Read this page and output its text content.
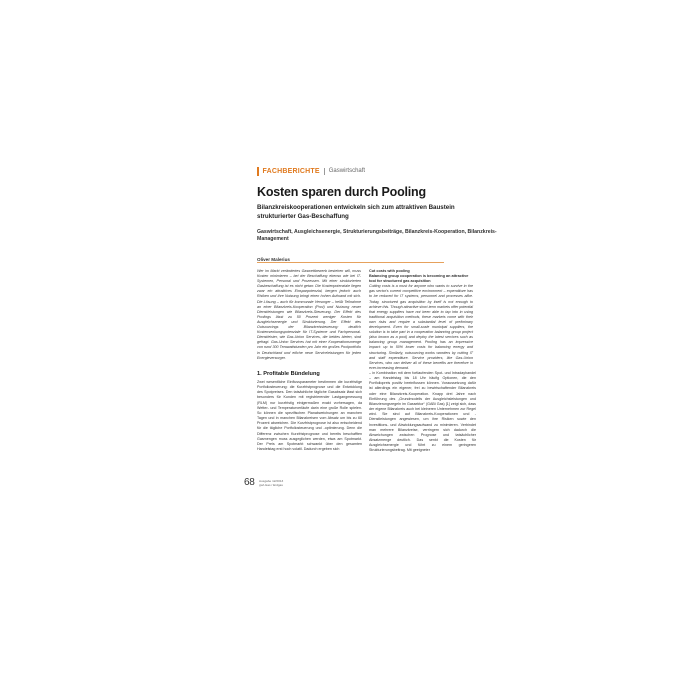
FACHBERICHTE Gaswirtschaft
Kosten sparen durch Pooling
Bilanzkreiskooperationen entwickeln sich zum attraktiven Baustein strukturierter Gas-Beschaffung
Gaswirtschaft, Ausgleichsenergie, Strukturierungsbeiträge, Bilanzkreis-Kooperation, Bilanzkreis-Management
Oliver Malerius
Wer im Markt verändertes Gaswettbewerb bestehen will, muss Kosten minimieren – bei der Beschaffung ebenso wie bei IT-Systemen, Personal und Prozessen. Mit einer strukturierten Gasbeschaffung ist es nicht getan: Die Kostenpotenziale liegen zwar ein attraktives Einsparpotenzial, bergen jedoch auch Risiken und ihre Nutzung bringt einen hohen Aufwand mit sich. Die Lösung – auch für kommunale Versorger – heißt Teilnahme an einer Bilanzkreis-Kooperation (Pool) und Nutzung neuer Dienstleistungen wie Bilanzkreis-Steuerung. Der Effekt des Poolings lässt zu 50 Prozent weniger Kosten für Ausgleichsenergie und Strukturierung. Der Effekt des Outsourcings der Bilanzkreissteuerung: deutlich Kostensenkungspotenziale für IT-Systeme und Fachpersonal. Dienstleister, wie Gas-Union Services, die beides bieten, sind gefragt. Gas-Union Services hat mit einer Kooperationsmenge von rund 300 Terawattstunden pro Jahr ein großes Poolportfolio in Deutschland und etliche neue Serviceleistungen für jeden Energieversorger.
Cut costs with pooling
Balancing group cooperation is becoming an attractive tool for structured gas acquisition
Cutting costs is a must for anyone who wants to survive in the gas sector's current competitive environment – expenditure has to be reduced for IT systems, personnel and processes alike. Today, structured gas acquisition by itself is not enough to achieve this. Though attractive short-term markets offer potential that energy suppliers have not been able to tap into in using traditional acquisition methods, these markets come with their own risks and require a substantial level of preliminary development. Even for small-scale municipal suppliers, the solution is to take part in a cooperation balancing group project (also known as a pool) and deploy the latest services such as balancing group management. Pooling has an impressive impact: up to 50% lower costs for balancing energy and structuring. Similarly, outsourcing works wonders by cutting IT and staff expenditure. Service providers, like Gas-Union Services, who can deliver all of these benefits are therefore in ever-increasing demand.
1. Profitable Bündelung
Zwei wesentliche Einflussparameter bestimmen die kurzfristige Portfoliosteuerung: die Kurzfristprognose und die Entwicklung des Spotpreises. Den tatsächliche tägliche Gasabsatz lässt sich besonders für Kunden mit registrierender Lastgangmessung (RLM) nur kurzfristig einigermaßen exakt vorhersagen, da Wetter- und Temperaturverläufe darin eine große Rolle spielen. So können die spezifischen Planabweichungen an manchen Tagen und in manchen Bilanzkreisen vom Absatz um bis zu 60 Prozent abweichen. Die Kurzfristprognose ist also entscheidend für die tägliche Portfoliosteuerung und -optimierung. Denn die Differenz zwischen Kurzfristprognose und bereits beschafften Gasmengen muss ausgeglichen werden, etwa am Spotmarkt. Der Preis am Spotmarkt schwankt über den gesamten Handelstag erst hoch volatil. Dadurch ergeben sich
– in Kombination mit dem fortlaufenden Spot- und Intradayhandel – am Handelstag bis 18 Uhr häufig Optionen, die den Portfoliopreis positiv beeinflussen können. Voraussetzung dafür ist allerdings ein eigener, frei zu bewirtschaftender Bilanzkreis oder eine Bilanzkreis-Kooperation. Knapp drei Jahre nach Einführung des „Grundmodells der Ausgleichsleistungen und Bilanzierungsregeln im Gassektor“ (GABi Gas) [1] zeigt sich, dass der eigene Bilanzkreis auch bei kleineren Unternehmen zur Regel wird. Sie sind auf Bilanzkreis-Kooperationen und -Dienstleistungen angewiesen, um ihre Risiken sowie den Investitions- und Abwicklungsaufwand zu minimieren. Verbindet man mehrere Bilanzkreise, verringern sich dadurch die Abweichungen zwischen Prognose und tatsächlicher Absatzmenge deutlich. Das senkt die Kosten für Ausgleichsenergie und führt zu einem geringeren Strukturierungsbeitrag. Mit geeigneter
68 Ausgabe 12/2013
gwf-Gas / Erdgas
